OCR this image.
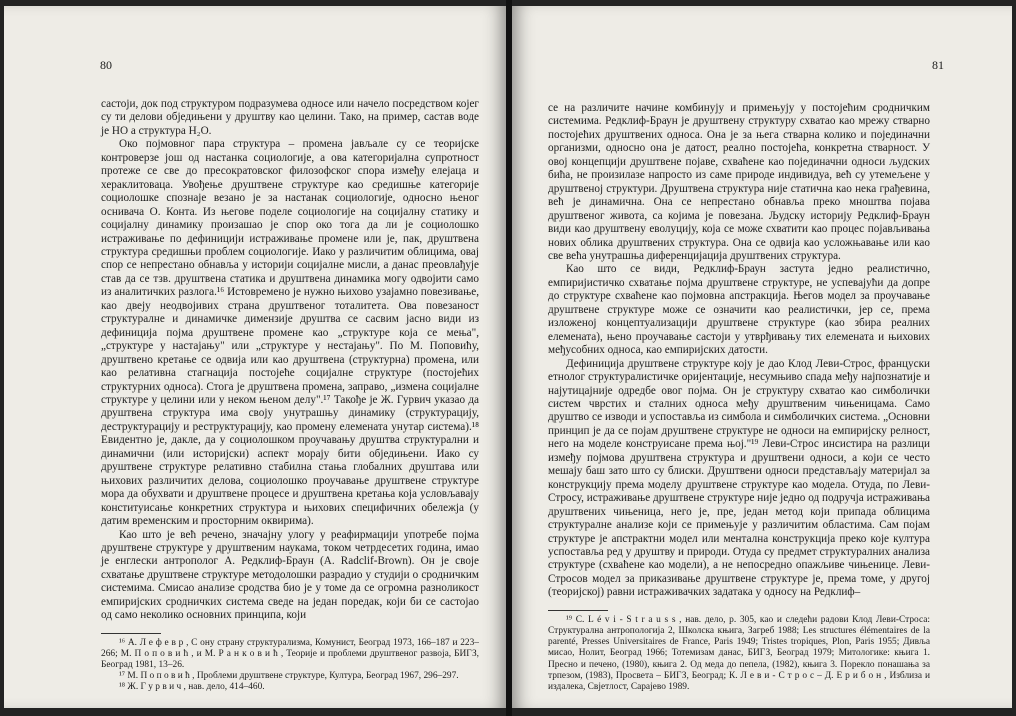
80

састоји, док под структуром подразумева односе или начело посредством којег су ти делови обједињени у друштву као целини. Тако, на пример, састав воде је НО а структура H₂O.

Око појмовног пара структура – промена јављале су се теоријске контроверзе још од настанка социологије, а ова категоријална супротност протеже се све до пресократовског филозофског спора између елејаца и хераклитоваца. Увођење друштвене структуре као средишње категорије социолошке спознаје везано је за настанак социологије, односно њеног оснивача О. Конта. Из његове поделе социологије на социјалну статику и социјалну динамику произашао је спор око тога да ли је социолошко истраживање по дефиницији истраживање промене или је, пак, друштвена структура средишњи проблем социологије. Иако у различитим облицима, овај спор се непрестано обнавља у историји социјалне мисли, а данас преовлађује став да се тзв. друштвена статика и друштвена динамика могу одвојити само из аналитичких разлога.¹⁶ Истовремено је нужно њихово узајамно повезивање, као двеју неодвојивих страна друштвеног тоталитета. Ова повезаност структуралне и динамичке димензије друштва се сасвим јасно види из дефиниција појма друштвене промене као „структуре која се мења", „структуре у настајању" или „структуре у нестајању". По М. Поповићу, друштвено кретање се одвија или као друштвена (структурна) промена, или као релативна стагнација постојеће социјалне структуре (постојећих структурних односа). Стога је друштвена промена, заправо, „измена социјалне структуре у целини или у неком њеном делу".¹⁷ Такође је Ж. Гурвич указао да друштвена структура има своју унутрашњу динамику (структурацију, деструктурацију и реструктурацију, као промену елемената унутар система).¹⁸ Евидентно је, дакле, да у социолошком проучавању друштва структурални и динамични (или историјски) аспект морају бити обједињени. Иако су друштвене структуре релативно стабилна стања глобалних друштава или њихових различитих делова, социолошко проучавање друштвене структуре мора да обухвати и друштвене процесе и друштвена кретања која условљавају конституисање конкретних структура и њихових специфичних обележја (у датим временским и просторним оквирима).

Као што је већ речено, значајну улогу у реафирмацији употребе појма друштвене структуре у друштвеним наукама, током четрдесетих година, имао је енглески антрополог А. Редклиф-Браун (A. Radclif-Brown). Он је своје схватање друштвене структуре методолошки разрадио у студији о сродничким системима. Смисао анализе сродства био је у томе да се огромна разноликост емпиријских сродничких система сведе на један поредак, који би се састојао од само неколико основних принципа, који

¹⁶ А. Л е ф е в р , С ону страну структурализма, Комунист, Београд 1973, 166–187 и 223–266; М. П о п о в и ћ , и М. Р а н к о в и ћ , Теорије и проблеми друштвеног развоја, БИГЗ, Београд 1981, 13–26.

¹⁷ М. П о п о в и ћ , Проблеми друштвене структуре, Култура, Београд 1967, 296–297.

¹⁸ Ж. Г у р в и ч , нав. дело, 414–460.

81

се на различите начине комбинују и примењују у постојећим сродничким системима. Редклиф-Браун је друштвену структуру схватао као мрежу стварно постојећих друштвених односа. Она је за њега стварна колико и појединачни организми, односно она је датост, реално постојећа, конкретна стварност. У овој концепцији друштвене појаве, схваћене као појединачни односи људских бића, не произилазе напросто из саме природе индивидуа, већ су утемељене у друштвеној структури. Друштвена структура није статична као нека грађевина, већ је динамична. Она се непрестано обнавља преко мноштва појава друштвеног живота, са којима је повезана. Људску историју Редклиф-Браун види као друштвену еволуцију, која се може схватити као процес појављивања нових облика друштвених структура. Она се одвија као усложњавање или као све већа унутрашња диференцијација друштвених структура.

Као што се види, Редклиф-Браун застута једно реалистично, емпиријистичко схватање појма друштвене структуре, не успевајући да допре до структуре схваћене као појмовна апстракција. Његов модел за проучавање друштвене структуре може се означити као реалистички, јер се, према изложеној концептуализацији друштвене структуре (као збира реалних елемената), њено проучавање састоји у утврђивању тих елемената и њихових међусобних односа, као емпиријских датости.

Дефиниција друштвене структуре коју је дао Клод Леви-Строс, француски етнолог структуралистичке оријентације, несумњиво спада међу најпознатије и најутицајније одредбе овог појма. Он је структуру схватао као симболички систем чврстих и сталних односа међу друштвеним чињеницама. Само друштво се изводи и успоставља из симбола и симболичких система. „Основни принцип је да се појам друштвене структуре не односи на емпиријску релност, него на моделе конструисане према њој."¹⁹ Леви-Строс инсистира на разлици између појмова друштвена структура и друштвени односи, а који се често мешају баш зато што су блиски. Друштвени односи представљају материјал за конструкцију према моделу друштвене структуре као модела. Отуда, по Леви-Стросу, истраживање друштвене структуре није једно од подручја истраживања друштвених чињеница, него је, пре, један метод који припада облицима структуралне анализе који се примењује у различитим областима. Сам појам структуре је апстрактни модел или ментална конструкција преко које култура успоставља ред у друштву и природи. Отуда су предмет структуралних анализа структуре (схваћене као модели), а не непосредно опажљиве чињенице. Леви-Стросов модел за приказивање друштвене структуре је, према томе, у другој (теоријској) равни истраживачких задатака у односу на Редклиф–

¹⁹ C. L é v i - S t r a u s s , нав. дело, р. 305, као и следећи радови Клод Леви-Строса: Структурална антропологија 2, Школска књига, Загреб 1988; Les structures élémentaires de la parenté, Presses Universitaires de France, Paris 1949; Tristes tropiques, Plon, Paris 1955; Дивља мисао, Нолит, Београд 1966; Тотемизам данас, БИГЗ, Београд 1979; Митологике: књига 1. Пресно и печено, (1980), књига 2. Од меда до пепела, (1982), књига 3. Порекло понашања за трпезом, (1983), Просвета – БИГЗ, Београд; К. Л е в и - С т р о с – Д. Е р и б о н , Изблиза и издалека, Свјетлост, Сарајево 1989.
